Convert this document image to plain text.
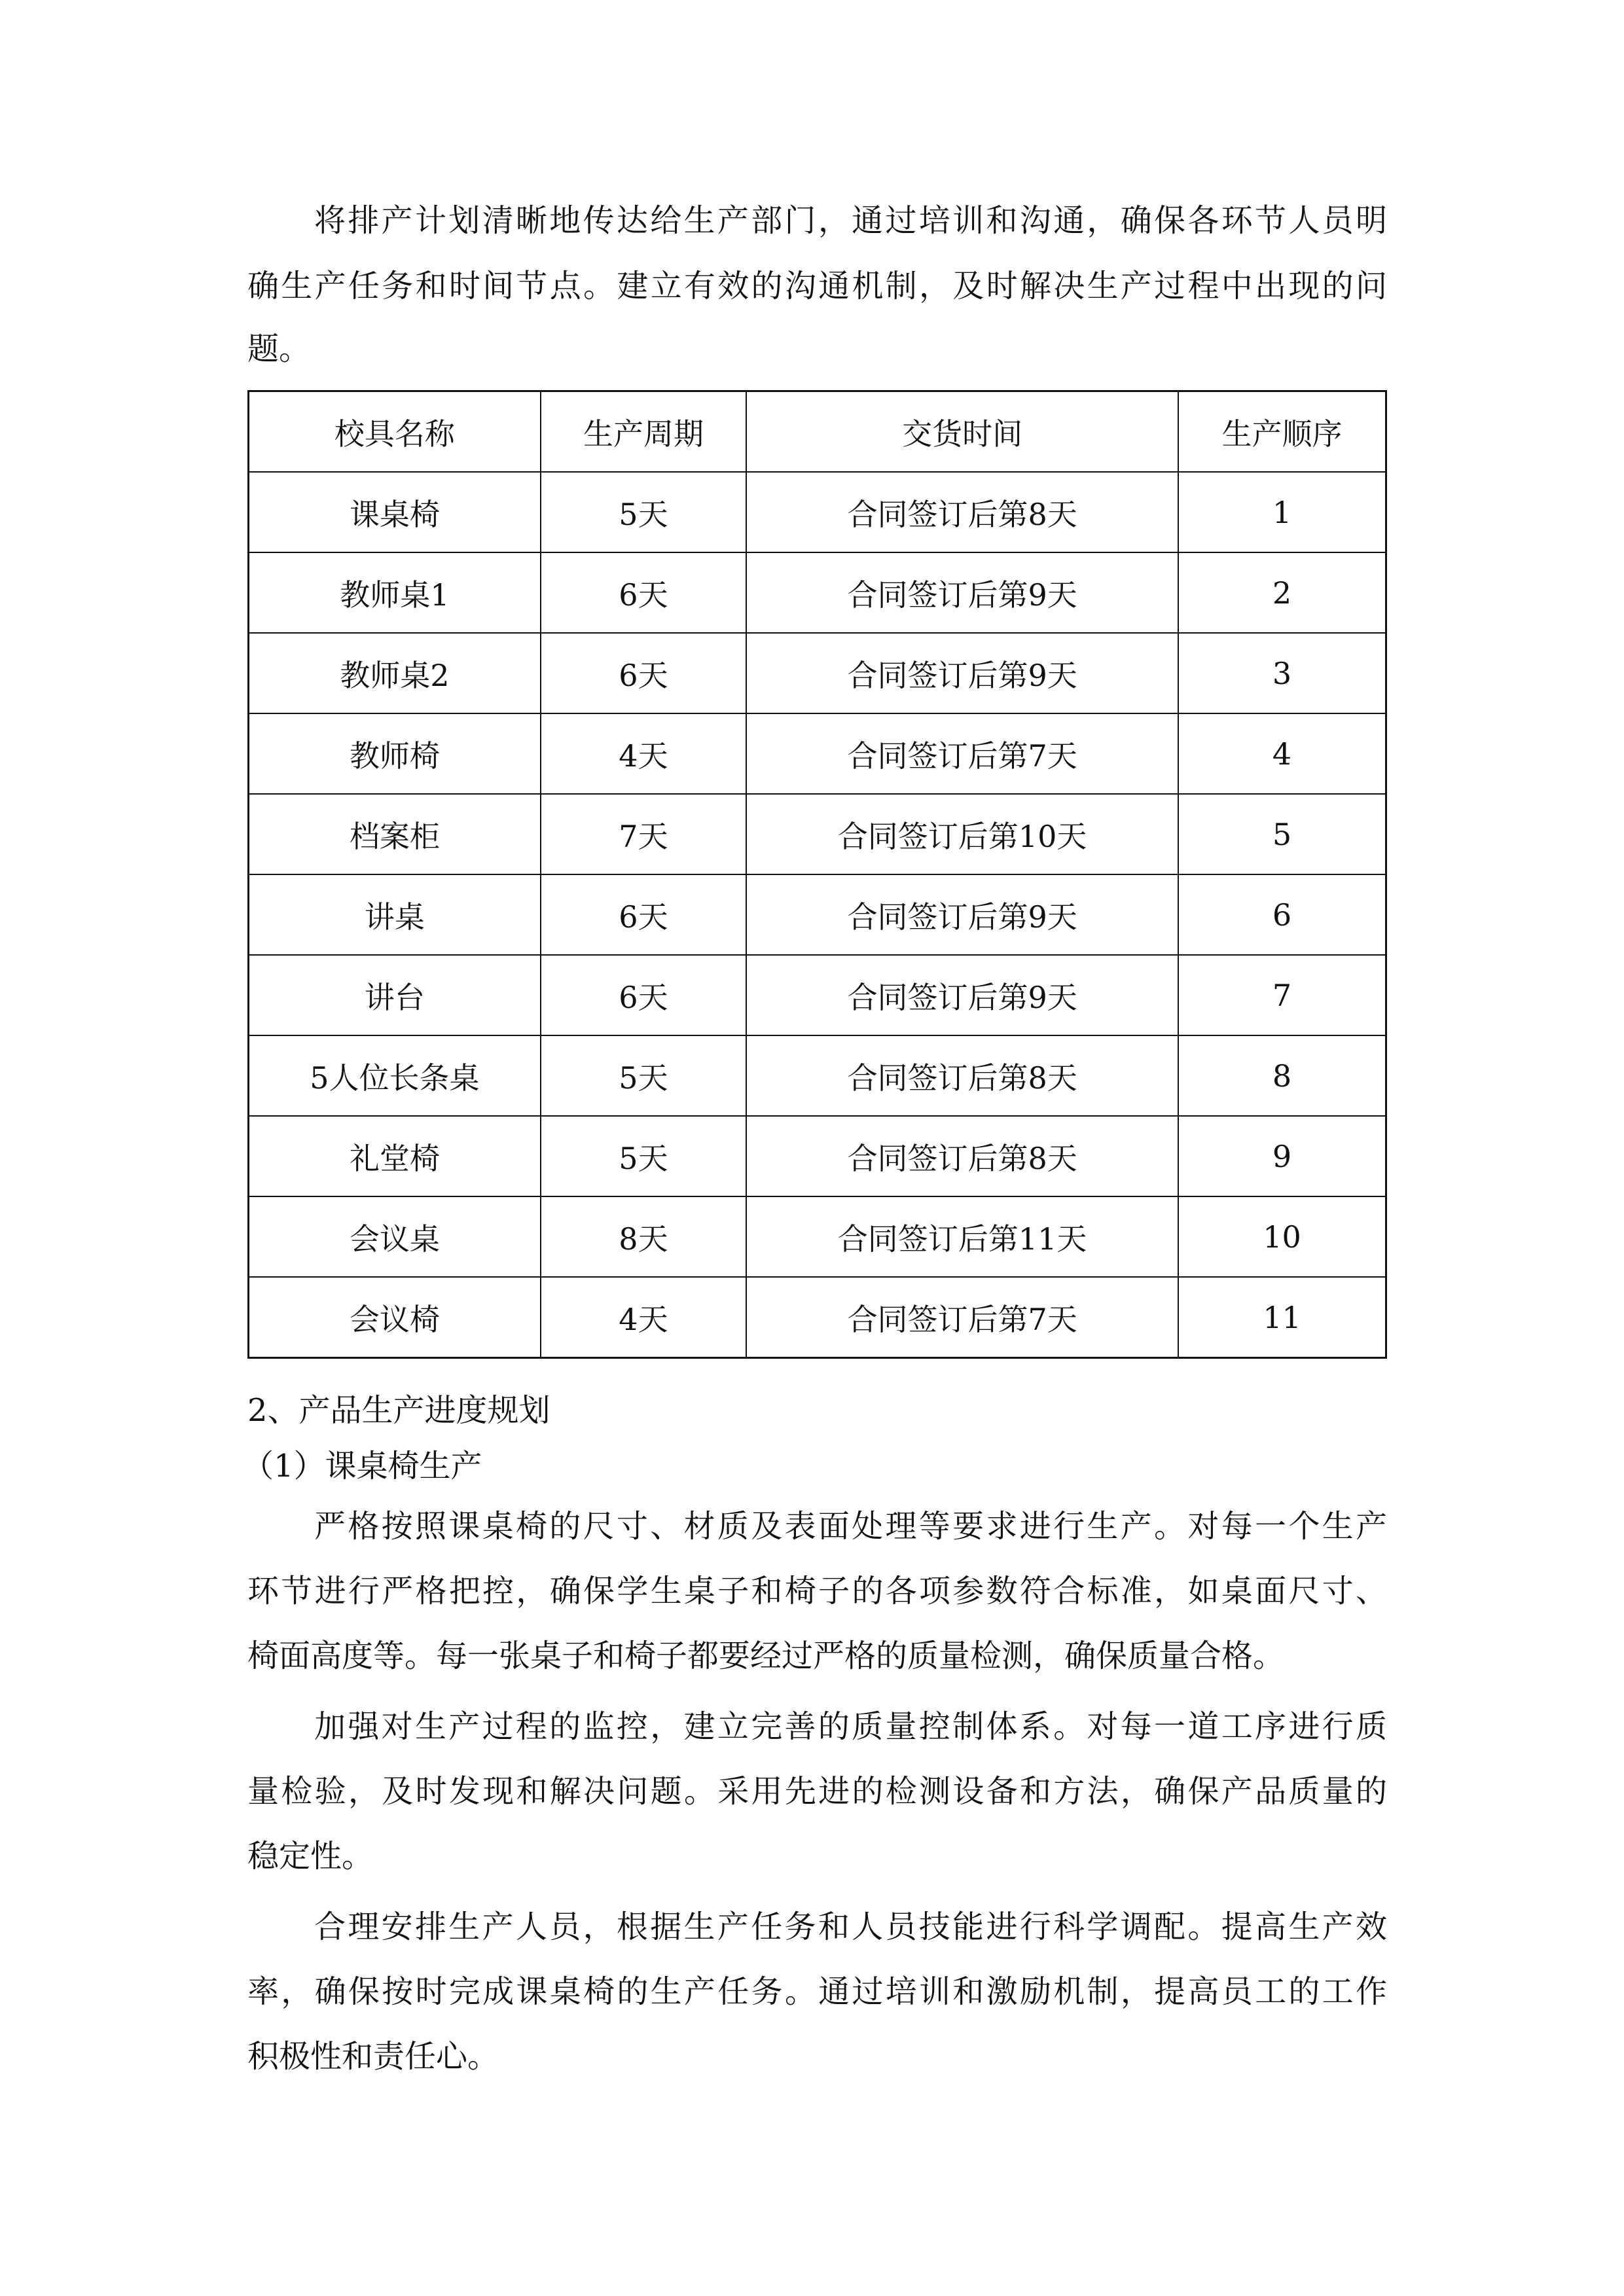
将排产计划清晰地传达给生产部门，通过培训和沟通，确保各环节人员明
确生产任务和时间节点。建立有效的沟通机制，及时解决生产过程中出现的问
题。
校具名称	生产周期	交货时间	生产顺序
课桌椅	5天	合同签订后第8天	1
教师桌1	6天	合同签订后第9天	2
教师桌2	6天	合同签订后第9天	3
教师椅	4天	合同签订后第7天	4
档案柜	7天	合同签订后第10天	5
讲桌	6天	合同签订后第9天	6
讲台	6天	合同签订后第9天	7
5人位长条桌	5天	合同签订后第8天	8
礼堂椅	5天	合同签订后第8天	9
会议桌	8天	合同签订后第11天	10
会议椅	4天	合同签订后第7天	11
2、产品生产进度规划
（1）课桌椅生产
严格按照课桌椅的尺寸、材质及表面处理等要求进行生产。对每一个生产
环节进行严格把控，确保学生桌子和椅子的各项参数符合标准，如桌面尺寸、
椅面高度等。每一张桌子和椅子都要经过严格的质量检测，确保质量合格。
加强对生产过程的监控，建立完善的质量控制体系。对每一道工序进行质
量检验，及时发现和解决问题。采用先进的检测设备和方法，确保产品质量的
稳定性。
合理安排生产人员，根据生产任务和人员技能进行科学调配。提高生产效
率，确保按时完成课桌椅的生产任务。通过培训和激励机制，提高员工的工作
积极性和责任心。
